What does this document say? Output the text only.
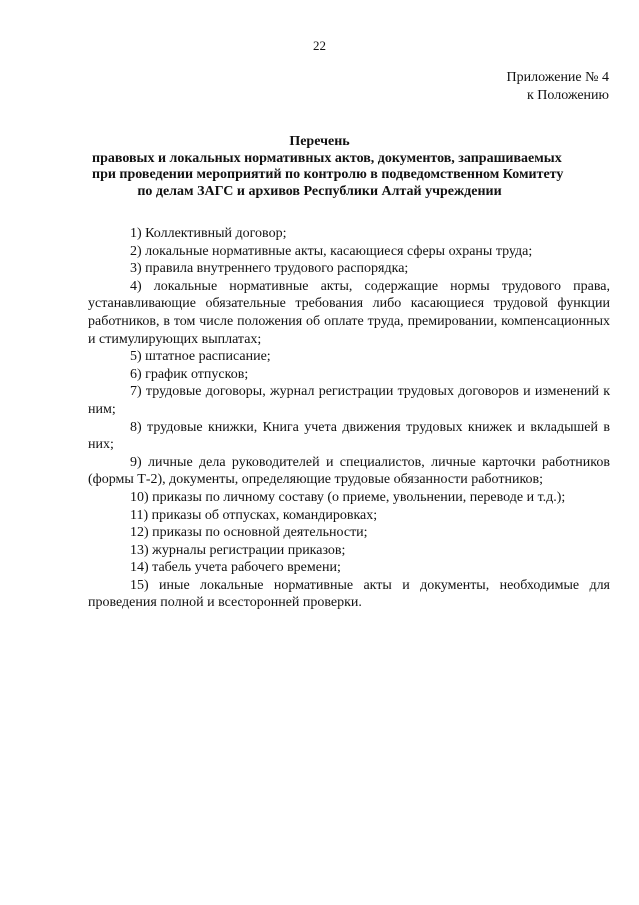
22
Приложение № 4
к Положению
Перечень
правовых и локальных нормативных актов, документов, запрашиваемых
при проведении мероприятий по контролю в подведомственном Комитету
по делам ЗАГС и архивов Республики Алтай учреждении
1) Коллективный договор;
2) локальные нормативные акты, касающиеся сферы охраны труда;
3) правила внутреннего трудового распорядка;
4) локальные нормативные акты, содержащие нормы трудового права, устанавливающие обязательные требования либо касающиеся трудовой функции работников, в том числе положения об оплате труда, премировании, компенсационных и стимулирующих выплатах;
5) штатное расписание;
6) график отпусков;
7) трудовые договоры, журнал регистрации трудовых договоров и изменений к ним;
8) трудовые книжки, Книга учета движения трудовых книжек и вкладышей в них;
9) личные дела руководителей и специалистов, личные карточки работников (формы Т-2), документы, определяющие трудовые обязанности работников;
10) приказы по личному составу (о приеме, увольнении, переводе и т.д.);
11) приказы об отпусках, командировках;
12) приказы по основной деятельности;
13) журналы регистрации приказов;
14) табель учета рабочего времени;
15) иные локальные нормативные акты и документы, необходимые для проведения полной и всесторонней проверки.
